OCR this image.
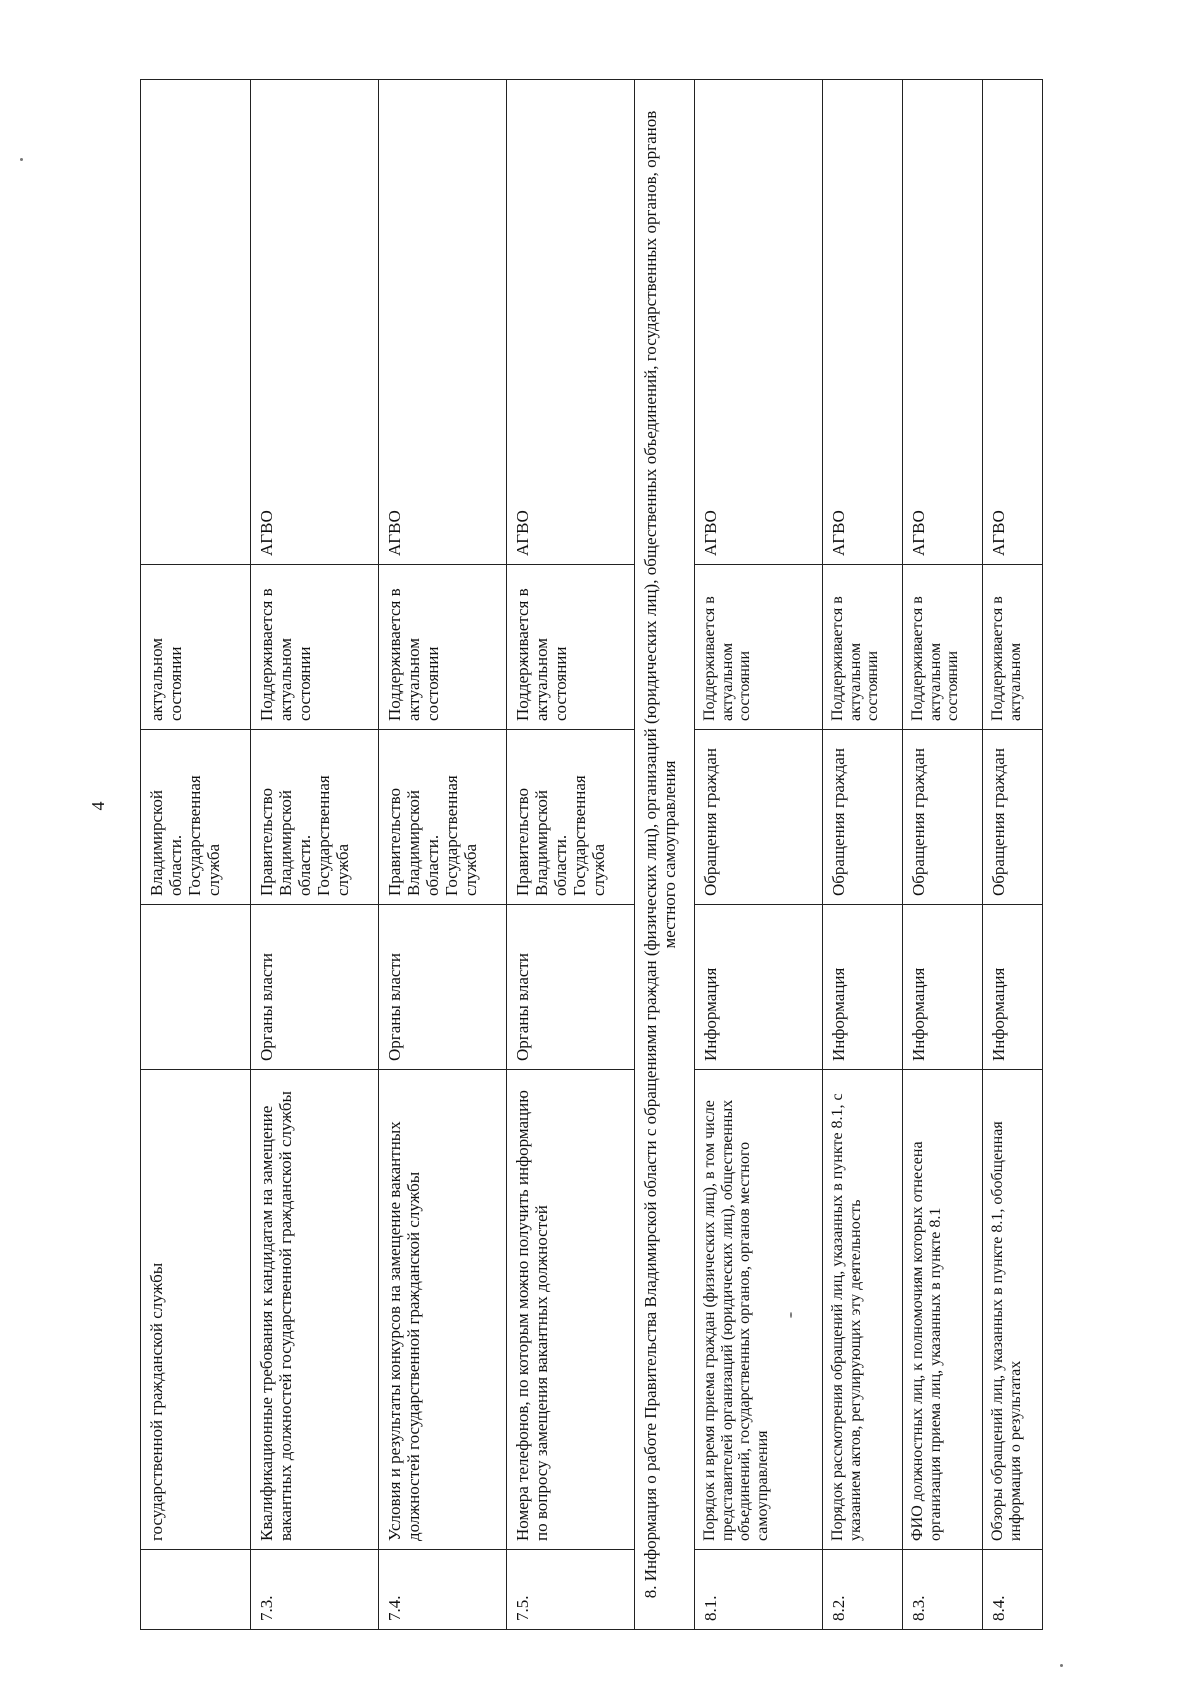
4
	государственной гражданской службы		Владимирской области. Государственная служба	актуальном состоянии	
7.3.	Квалификационные требования к кандидатам на замещение вакантных должностей государственной гражданской службы	Органы власти	Правительство Владимирской области. Государственная служба	Поддерживается в актуальном состоянии	АГВО
7.4.	Условия и результаты конкурсов на замещение вакантных должностей государственной гражданской службы	Органы власти	Правительство Владимирской области. Государственная служба	Поддерживается в актуальном состоянии	АГВО
7.5.	Номера телефонов, по которым можно получить информацию по вопросу замещения вакантных должностей	Органы власти	Правительство Владимирской области. Государственная служба	Поддерживается в актуальном состоянии	АГВО
8. Информация о работе Правительства Владимирской области с обращениями граждан (физических лиц), организаций (юридических лиц), общественных объединений, государственных органов, органов местного самоуправления					
8.1.	Порядок и время приема граждан (физических лиц), в том числе представителей организаций (юридических лиц), общественных объединений, государственных органов, органов местного самоуправления	Информация	Обращения граждан	Поддерживается в актуальном состоянии	АГВО
8.2.	Порядок рассмотрения обращений лиц, указанных в пункте 8.1, с указанием актов, регулирующих эту деятельность	Информация	Обращения граждан	Поддерживается в актуальном состоянии	АГВО
8.3.	ФИО должностных лиц, к полномочиям которых отнесена организация приема лиц, указанных в пункте 8.1	Информация	Обращения граждан	Поддерживается в актуальном состоянии	АГВО
8.4.	Обзоры обращений лиц, указанных в пункте 8.1, обобщенная информация о результатах	Информация	Обращения граждан	Поддерживается в актуальном	АГВО
